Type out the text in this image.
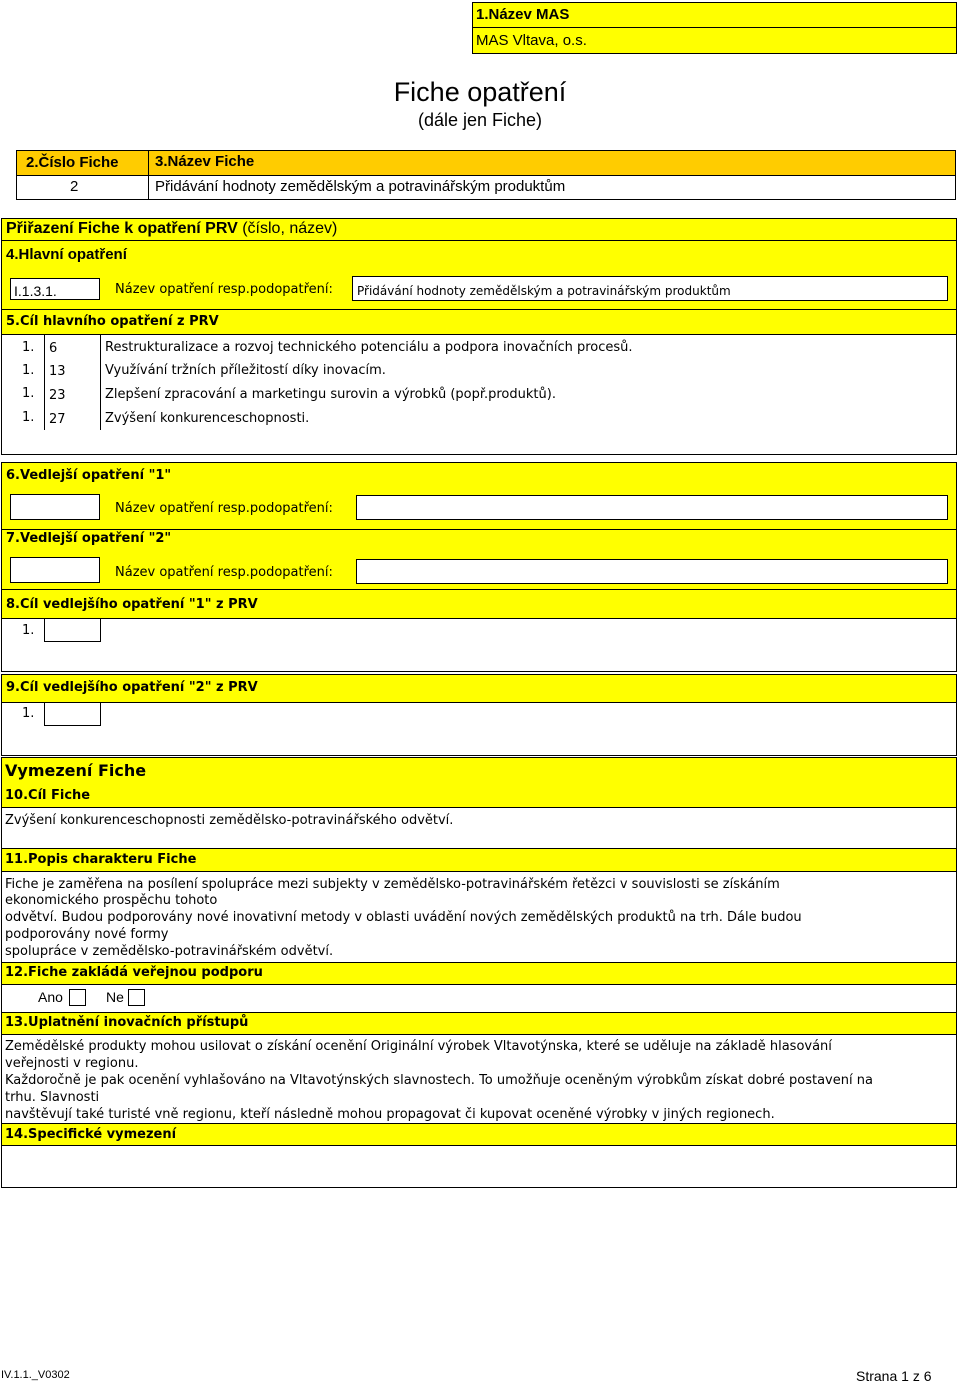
1.Název MAS
MAS Vltava, o.s.
Fiche opatření
(dále jen Fiche)
2.Číslo Fiche 3.Název Fiche
2	Přidávání hodnoty zemědělským a potravinářským produktům
Přiřazení Fiche k opatření PRV (číslo, název)
4.Hlavní opatření
I.1.3.1.	Název opatření resp.podopatření: Přidávání hodnoty zemědělským a potravinářským produktům
5.Cíl hlavního opatření z PRV
1. 6	Restrukturalizace a rozvoj technického potenciálu a podpora inovačních procesů.
1. 13	Využívání tržních příležitostí díky inovacím.
1. 23	Zlepšení zpracování a marketingu surovin a výrobků (popř.produktů).
1. 27	Zvýšení konkurenceschopnosti.
6.Vedlejší opatření "1"
Název opatření resp.podopatření:
7.Vedlejší opatření "2"
Název opatření resp.podopatření:
8.Cíl vedlejšího opatření "1" z PRV
1.
9.Cíl vedlejšího opatření "2" z PRV
1.
Vymezení Fiche
10.Cíl Fiche
Zvýšení konkurenceschopnosti zemědělsko-potravinářského odvětví.
11.Popis charakteru Fiche
Fiche je zaměřena na posílení spolupráce mezi subjekty v zemědělsko-potravinářském řetězci v souvislosti se získáním
ekonomického prospěchu tohoto
odvětví. Budou podporovány nové inovativní metody v oblasti uvádění nových zemědělských produktů na trh. Dále budou
podporovány nové formy
spolupráce v zemědělsko-potravinářském odvětví.
12.Fiche zakládá veřejnou podporu
Ano	Ne
13.Uplatnění inovačních přístupů
Zemědělské produkty mohou usilovat o získání ocenění Originální výrobek Vltavotýnska, které se uděluje na základě hlasování
veřejnosti v regionu.
Každoročně je pak ocenění vyhlašováno na Vltavotýnských slavnostech. To umožňuje oceněným výrobkům získat dobré postavení na
trhu. Slavnosti
navštěvují také turisté vně regionu, kteří následně mohou propagovat či kupovat oceněné výrobky v jiných regionech.
14.Specifické vymezení
IV.1.1._V0302	Strana 1 z 6
